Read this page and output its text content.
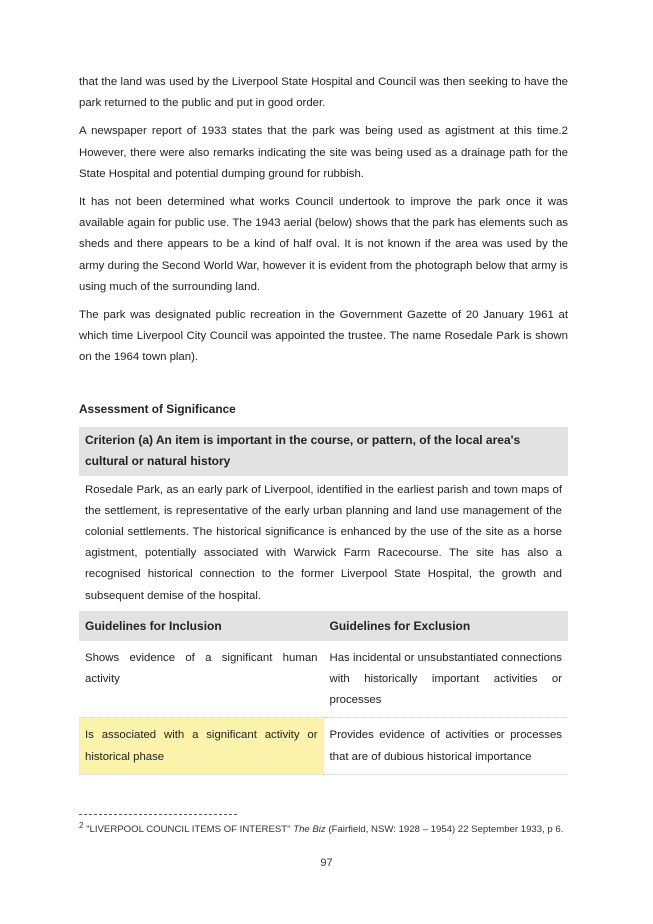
that the land was used by the Liverpool State Hospital and Council was then seeking to have the park returned to the public and put in good order.

A newspaper report of 1933 states that the park was being used as agistment at this time.2 However, there were also remarks indicating the site was being used as a drainage path for the State Hospital and potential dumping ground for rubbish.

It has not been determined what works Council undertook to improve the park once it was available again for public use. The 1943 aerial (below) shows that the park has elements such as sheds and there appears to be a kind of half oval. It is not known if the area was used by the army during the Second World War, however it is evident from the photograph below that army is using much of the surrounding land.

The park was designated public recreation in the Government Gazette of 20 January 1961 at which time Liverpool City Council was appointed the trustee. The name Rosedale Park is shown on the 1964 town plan).

Assessment of Significance
Criterion (a) An item is important in the course, or pattern, of the local area's cultural or natural history
Rosedale Park, as an early park of Liverpool, identified in the earliest parish and town maps of the settlement, is representative of the early urban planning and land use management of the colonial settlements. The historical significance is enhanced by the use of the site as a horse agistment, potentially associated with Warwick Farm Racecourse. The site has also a recognised historical connection to the former Liverpool State Hospital, the growth and subsequent demise of the hospital.
Guidelines for Inclusion	Guidelines for Exclusion
Shows evidence of a significant human activity	Has incidental or unsubstantiated connections with historically important activities or processes
Is associated with a significant activity or historical phase	Provides evidence of activities or processes that are of dubious historical importance
$^2$ "LIVERPOOL COUNCIL ITEMS OF INTEREST" The Biz (Fairfield, NSW: 1928 – 1954) 22 September 1933, p 6.
97
